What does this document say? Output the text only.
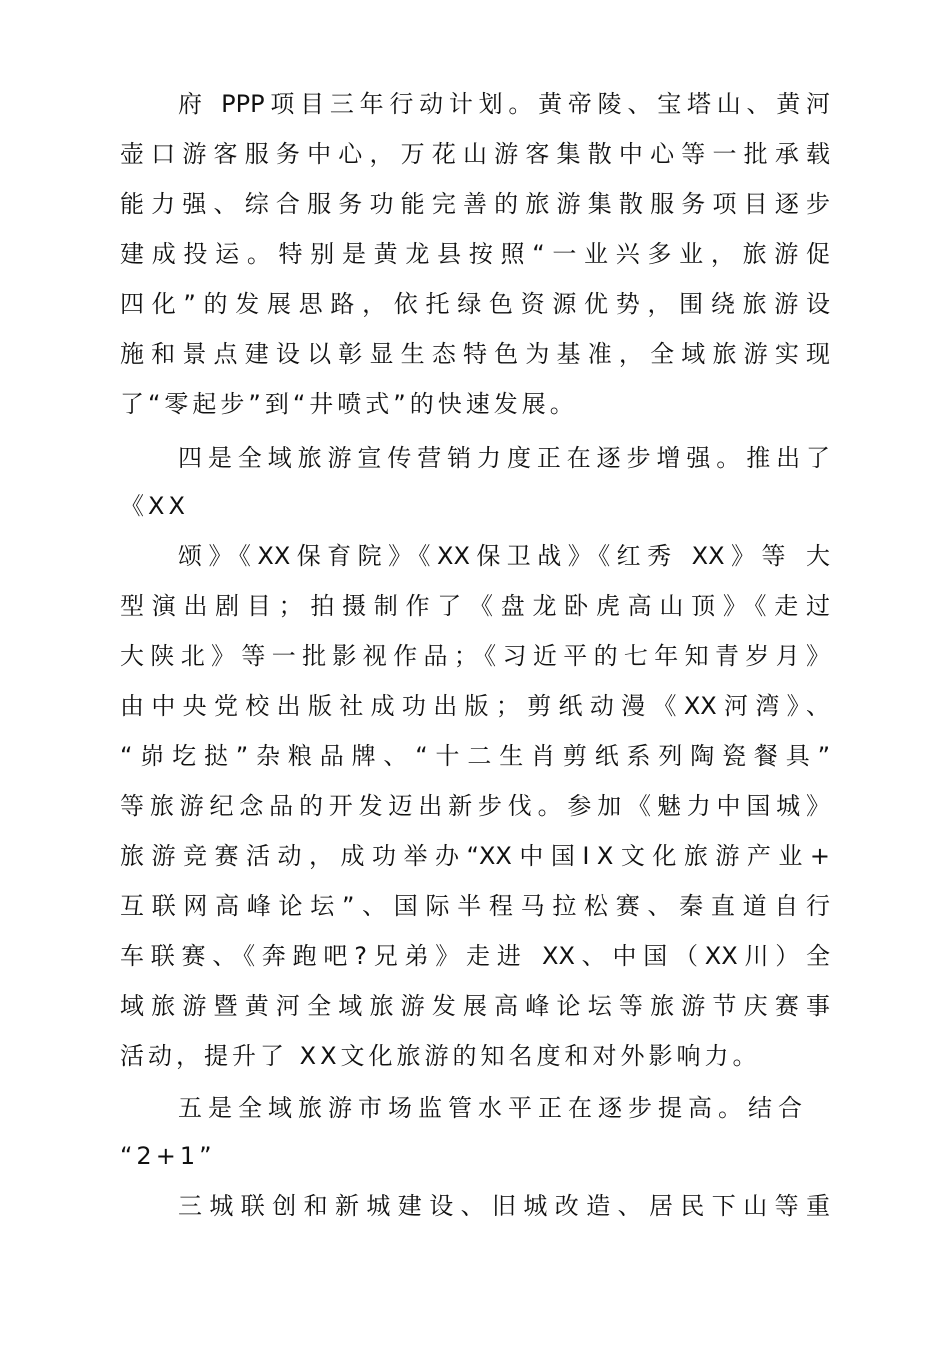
府 PPP项目三年行动计划。黄帝陵、宝塔山、黄河
壶口游客服务中心，万花山游客集散中心等一批承载
能力强、综合服务功能完善的旅游集散服务项目逐步
建成投运。特别是黄龙县按照“一业兴多业，旅游促
四化”的发展思路，依托绿色资源优势，围绕旅游设
施和景点建设以彰显生态特色为基准，全域旅游实现
了“零起步”到“井喷式”的快速发展。
四是全域旅游宣传营销力度正在逐步增强。推出了
《XX
颂》《XX保育院》《XX保卫战》《红秀 XX》等 大
型演出剧目；拍摄制作了《盘龙卧虎高山顶》《走过
大陕北》等一批影视作品；《习近平的七年知青岁月》
由中央党校出版社成功出版；剪纸动漫《XX河湾》、
“峁圪挞”杂粮品牌、“十二生肖剪纸系列陶瓷餐具”
等旅游纪念品的开发迈出新步伐。参加《魅力中国城》
旅游竞赛活动，成功举办“XX中国ⅠX文化旅游产业+
互联网高峰论坛”、国际半程马拉松赛、秦直道自行
车联赛、《奔跑吧?兄弟》走进 XX、中国（XX川）全
域旅游暨黄河全域旅游发展高峰论坛等旅游节庆赛事
活动，提升了 XX文化旅游的知名度和对外影响力。
五是全域旅游市场监管水平正在逐步提高。结合
“2+1”
三城联创和新城建设、旧城改造、居民下山等重
